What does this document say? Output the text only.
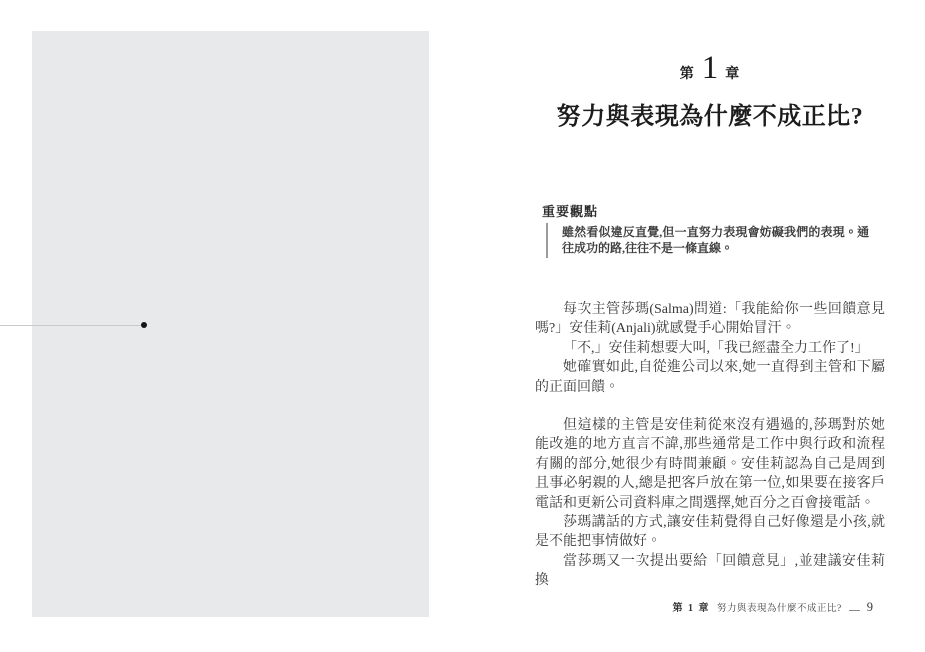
第 1 章
努力與表現為什麼不成正比?
重要觀點
雖然看似違反直覺,但一直努力表現會妨礙我們的表現。通往成功的路,往往不是一條直線。

每次主管莎瑪(Salma)問道:「我能給你一些回饋意見嗎?」安佳莉(Anjali)就感覺手心開始冒汗。

「不,」安佳莉想要大叫,「我已經盡全力工作了!」

她確實如此,自從進公司以來,她一直得到主管和下屬的正面回饋。

但這樣的主管是安佳莉從來沒有遇過的,莎瑪對於她能改進的地方直言不諱,那些通常是工作中與行政和流程有關的部分,她很少有時間兼顧。安佳莉認為自己是周到且事必躬親的人,總是把客戶放在第一位,如果要在接客戶電話和更新公司資料庫之間選擇,她百分之百會接電話。

莎瑪講話的方式,讓安佳莉覺得自己好像還是小孩,就是不能把事情做好。

當莎瑪又一次提出要給「回饋意見」,並建議安佳莉換

第 1 章 努力與表現為什麼不成正比? 9
